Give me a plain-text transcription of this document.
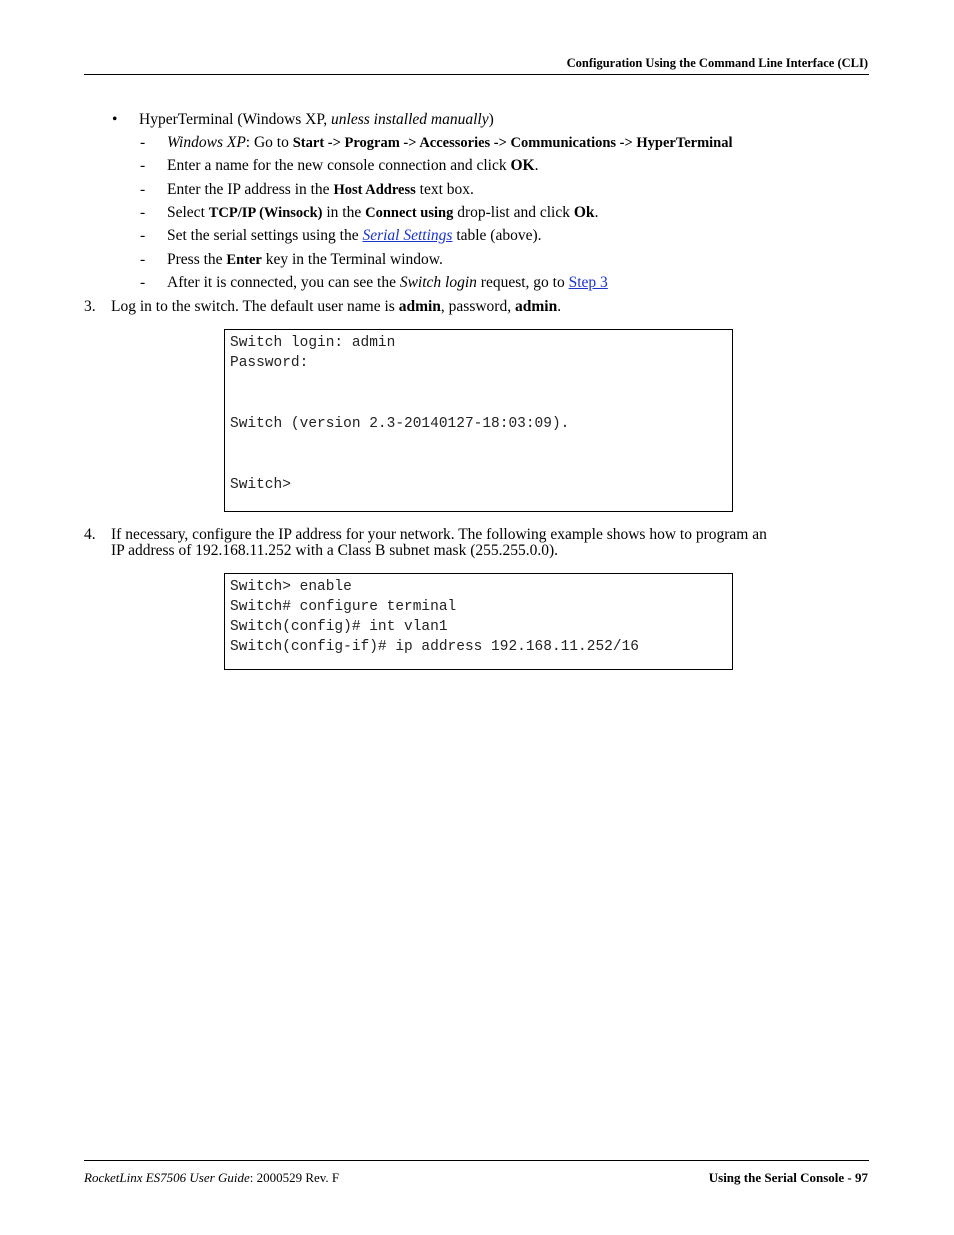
Configuration Using the Command Line Interface (CLI)
• HyperTerminal (Windows XP, unless installed manually)
- Windows XP: Go to Start -> Program -> Accessories -> Communications -> HyperTerminal
- Enter a name for the new console connection and click OK.
- Enter the IP address in the Host Address text box.
- Select TCP/IP (Winsock) in the Connect using drop-list and click Ok.
- Set the serial settings using the Serial Settings table (above).
- Press the Enter key in the Terminal window.
- After it is connected, you can see the Switch login request, go to Step 3
3. Log in to the switch. The default user name is admin, password, admin.
Switch login: admin
Password:
Switch (version 2.3-20140127-18:03:09).
Switch>
4. If necessary, configure the IP address for your network. The following example shows how to program an
IP address of 192.168.11.252 with a Class B subnet mask (255.255.0.0).
Switch> enable
Switch# configure terminal
Switch(config)# int vlan1
Switch(config-if)# ip address 192.168.11.252/16
RocketLinx ES7506 User Guide: 2000529 Rev. F	Using the Serial Console - 97
